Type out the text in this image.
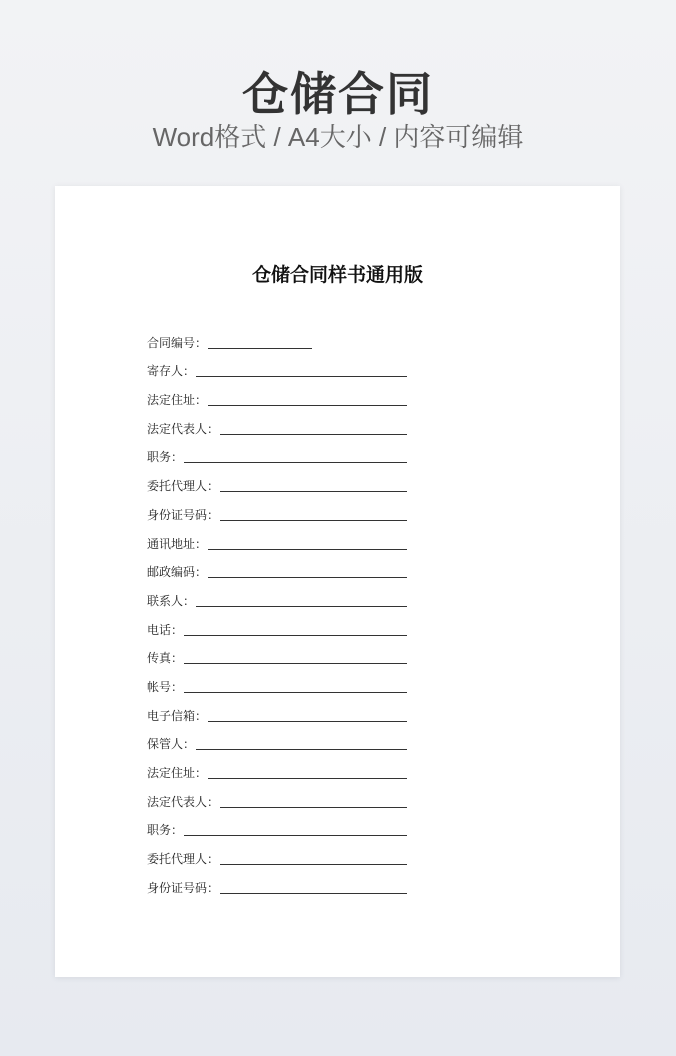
仓储合同
Word格式 / A4大小 / 内容可编辑
仓储合同样书通用版
合同编号：
寄存人：
法定住址：
法定代表人：
职务：
委托代理人：
身份证号码：
通讯地址：
邮政编码：
联系人：
电话：
传真：
帐号：
电子信箱：
保管人：
法定住址：
法定代表人：
职务：
委托代理人：
身份证号码：
